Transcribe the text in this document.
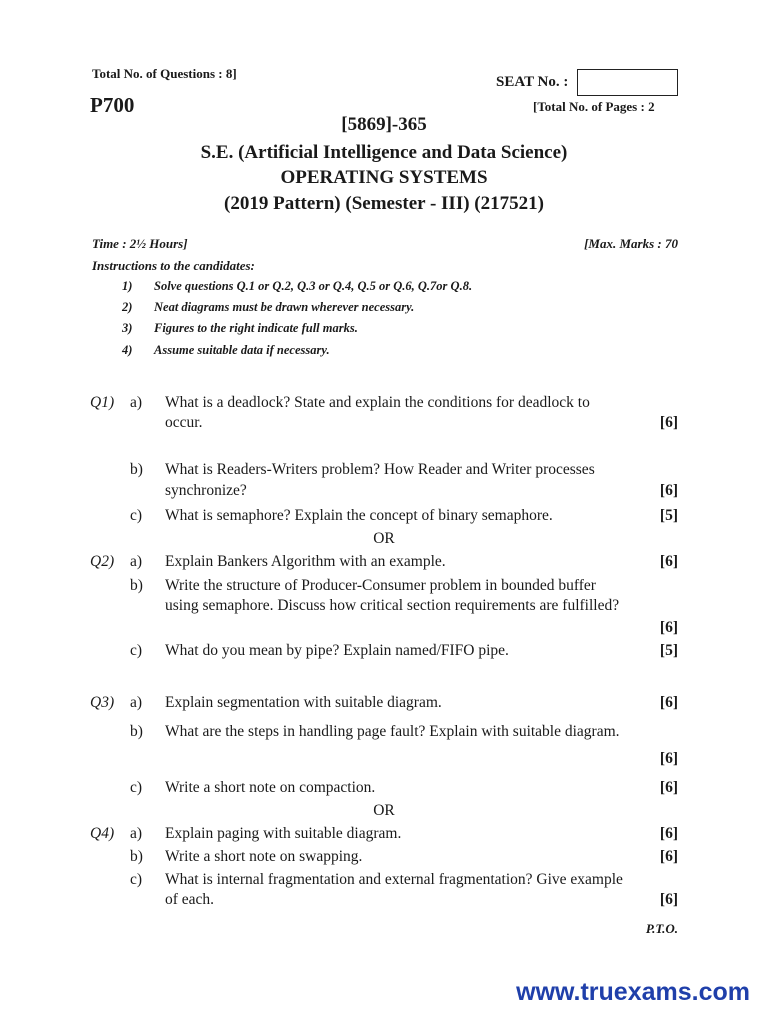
Total No. of Questions : 8]
SEAT No. :
P700	[Total No. of Pages : 2
[5869]-365
S.E. (Artificial Intelligence and Data Science)
OPERATING SYSTEMS
(2019 Pattern) (Semester - III) (217521)
Time : 2½ Hours]	[Max. Marks : 70
Instructions to the candidates:
1) Solve questions Q.1 or Q.2, Q.3 or Q.4, Q.5 or Q.6, Q.7or Q.8.
2) Neat diagrams must be drawn wherever necessary.
3) Figures to the right indicate full marks.
4) Assume suitable data if necessary.
Q1) a) What is a deadlock? State and explain the conditions for deadlock to
occur.	[6]
b) What is Readers-Writers problem? How Reader and Writer processes
synchronize?	[6]
c) What is semaphore? Explain the concept of binary semaphore.	[5]
OR
Q2) a) Explain Bankers Algorithm with an example.	[6]
b) Write the structure of Producer-Consumer problem in bounded buffer
using semaphore. Discuss how critical section requirements are fulfilled?
[6]
c) What do you mean by pipe? Explain named/FIFO pipe.	[5]
Q3) a) Explain segmentation with suitable diagram.	[6]
b) What are the steps in handling page fault? Explain with suitable diagram.
[6]
c) Write a short note on compaction.	[6]
OR
Q4) a) Explain paging with suitable diagram.	[6]
b) Write a short note on swapping.	[6]
c) What is internal fragmentation and external fragmentation? Give example
of each.	[6]
P.T.O.
www.truexams.com
